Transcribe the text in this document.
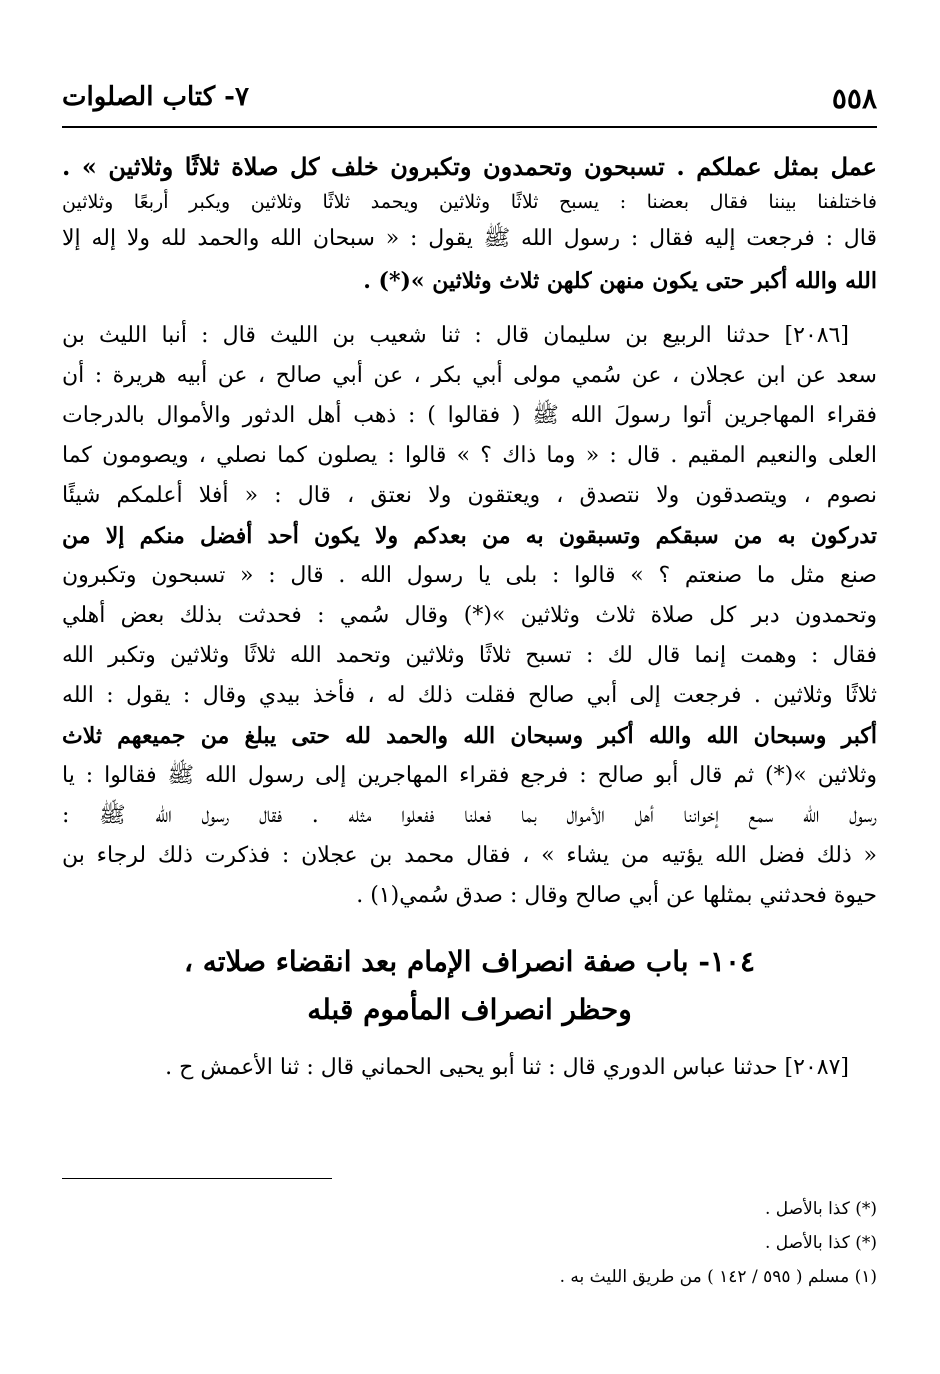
٥٥٨
٧- كتاب الصلوات
عمل بمثل عملكم . تسبحون وتحمدون وتكبرون خلف كل صلاة ثلاثًا وثلاثين » .
فاختلفنا بيننا فقال بعضنا : يسبح ثلاثًا وثلاثين ويحمد ثلاثًا وثلاثين ويكبر أربعًا وثلاثين
قال : فرجعت إليه فقال : رسول الله ﷺ يقول : « سبحان الله والحمد لله ولا إله إلا
الله والله أكبر حتى يكون منهن كلهن ثلاث وثلاثين »(*) .
[٢٠٨٦] حدثنا الربيع بن سليمان قال : ثنا شعيب بن الليث قال : أنبا الليث بن
سعد عن ابن عجلان ، عن سُمي مولى أبي بكر ، عن أبي صالح ، عن أبيه هريرة : أن
فقراء المهاجرين أتوا رسولَ الله ﷺ ( فقالوا ) : ذهب أهل الدثور والأموال بالدرجات
العلى والنعيم المقيم . قال : « وما ذاك ؟ » قالوا : يصلون كما نصلي ، ويصومون كما
نصوم ، ويتصدقون ولا نتصدق ، ويعتقون ولا نعتق ، قال : « أفلا أعلمكم شيئًا
تدركون به من سبقكم وتسبقون به من بعدكم ولا يكون أحد أفضل منكم إلا من
صنع مثل ما صنعتم ؟ » قالوا : بلى يا رسول الله . قال : « تسبحون وتكبرون
وتحمدون دبر كل صلاة ثلاث وثلاثين »(*) وقال سُمي : فحدثت بذلك بعض أهلي
فقال : وهمت إنما قال لك : تسبح ثلاثًا وثلاثين وتحمد الله ثلاثًا وثلاثين وتكبر الله
ثلاثًا وثلاثين . فرجعت إلى أبي صالح فقلت ذلك له ، فأخذ بيدي وقال : يقول : الله
أكبر وسبحان الله والله أكبر وسبحان الله والحمد لله حتى يبلغ من جميعهم ثلاث
وثلاثين »(*) ثم قال أبو صالح : فرجع فقراء المهاجرين إلى رسول الله ﷺ فقالوا : يا
رسول الله سمع إخواننا أهل الأموال بما فعلنا ففعلوا مثله . فقال رسول الله ﷺ :
« ذلك فضل الله يؤتيه من يشاء » ، فقال محمد بن عجلان : فذكرت ذلك لرجاء بن
حيوة فحدثني بمثلها عن أبي صالح وقال : صدق سُمي(١) .
١٠٤- باب صفة انصراف الإمام بعد انقضاء صلاته ،
وحظر انصراف المأموم قبله
[٢٠٨٧] حدثنا عباس الدوري قال : ثنا أبو يحيى الحماني قال : ثنا الأعمش ح .
(*) كذا بالأصل .
(*) كذا بالأصل .
(١) مسلم ( ٥٩٥ / ١٤٢ ) من طريق الليث به .
